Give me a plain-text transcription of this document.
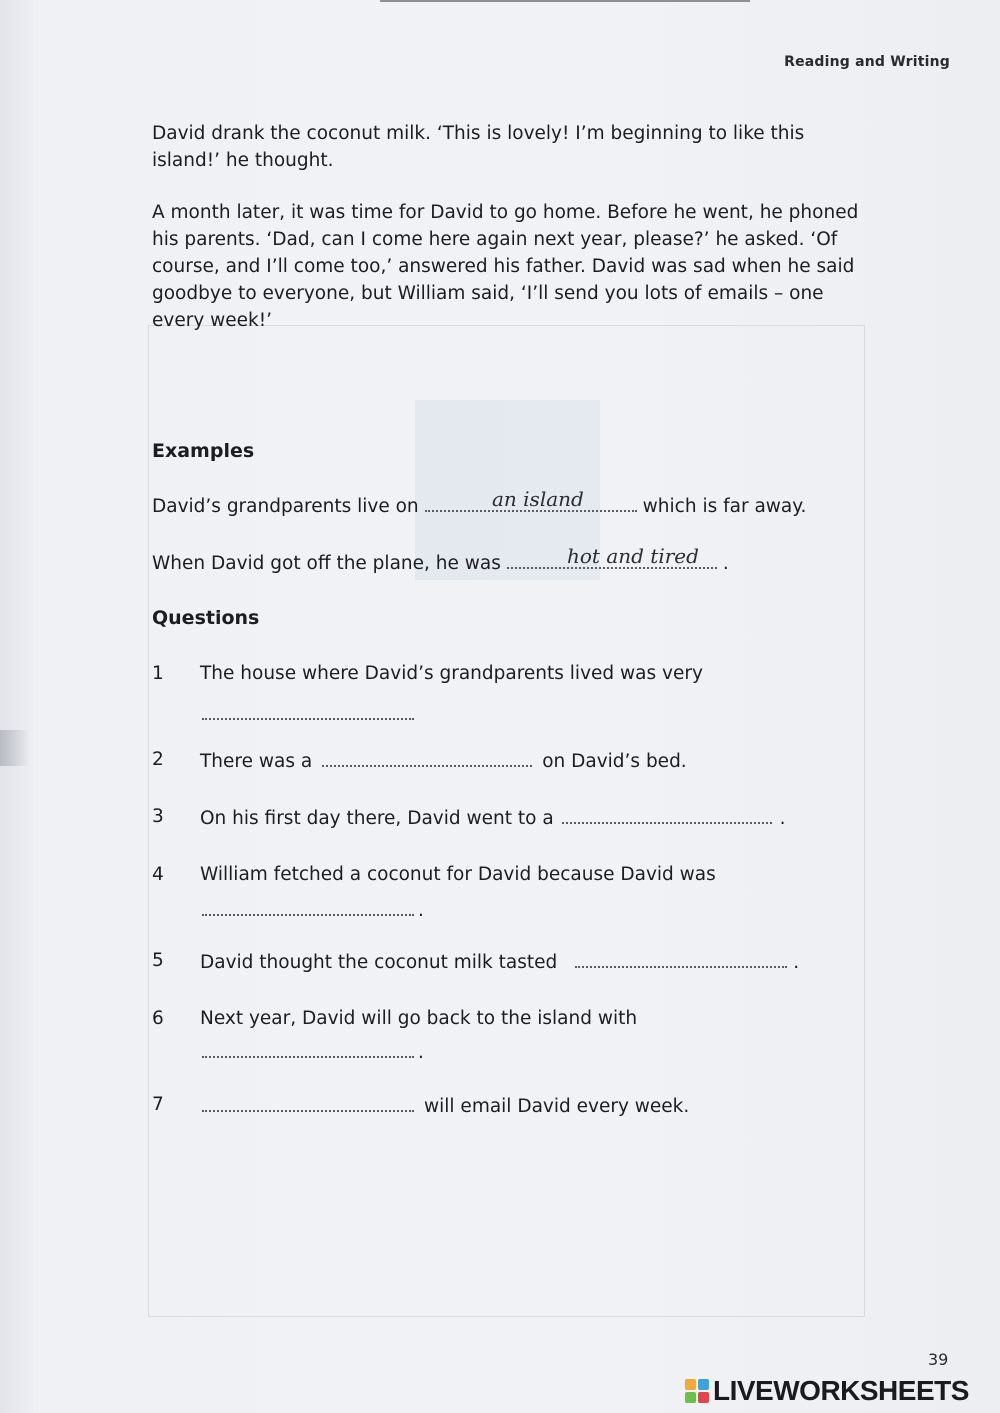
Reading and Writing

David drank the coconut milk. ‘This is lovely! I’m beginning to like this island!’ he thought.

A month later, it was time for David to go home. Before he went, he phoned his parents. ‘Dad, can I come here again next year, please?’ he asked. ‘Of course, and I’ll come too,’ answered his father. David was sad when he said goodbye to everyone, but William said, ‘I’ll send you lots of emails – one every week!’

Examples
David’s grandparents live on	which is far away.
an island
When David got off the plane, he was	.
hot and tired
Questions
1 The house where David’s grandparents lived was very
2 There was a	on David’s bed.
3 On his first day there, David went to a	.
4 William fetched a coconut for David because David was
.
5 David thought the coconut milk tasted	.
6 Next year, David will go back to the island with
.
7	will email David every week.
39
LIVEWORKSHEETS
